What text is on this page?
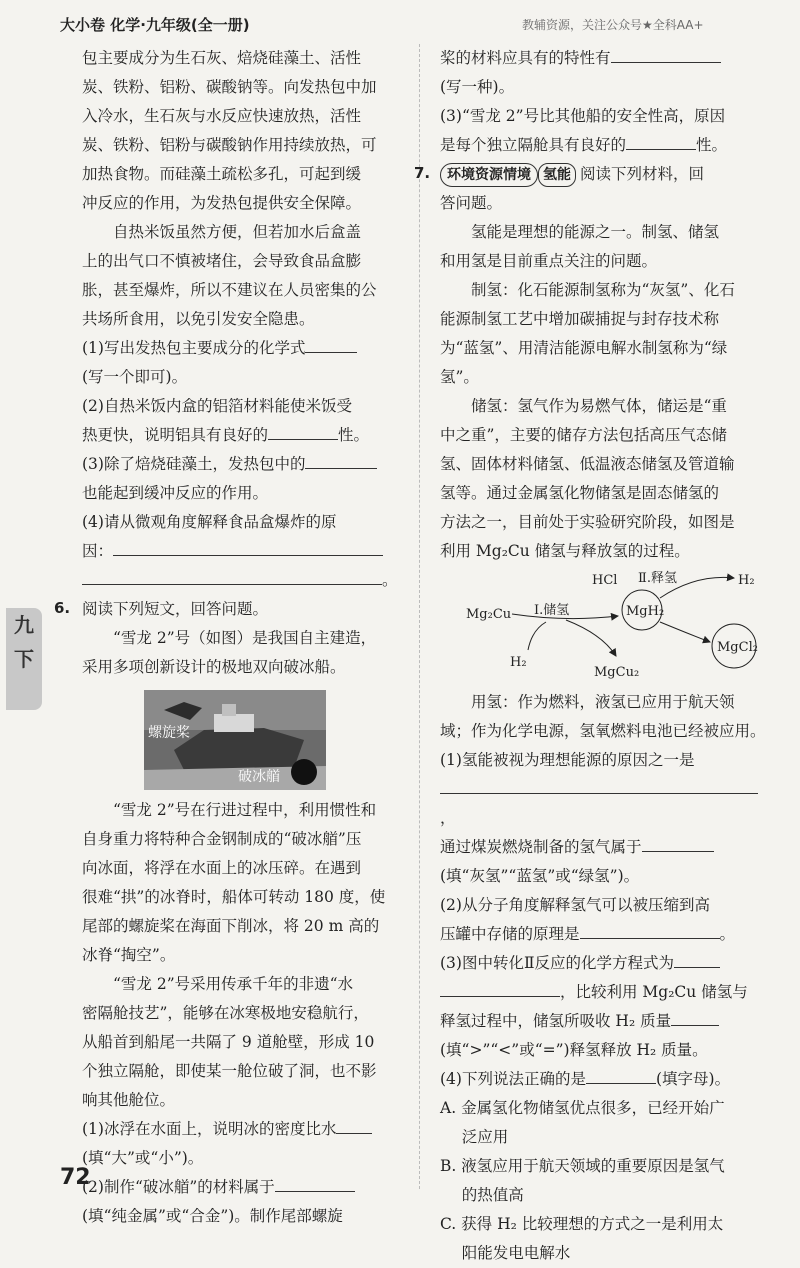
大小卷 化学·九年级(全一册)	教辅资源，关注公众号★全科AA+
九
下

包主要成分为生石灰、焙烧硅藻土、活性

炭、铁粉、铝粉、碳酸钠等。向发热包中加

入冷水，生石灰与水反应快速放热，活性

炭、铁粉、铝粉与碳酸钠作用持续放热，可

加热食物。而硅藻土疏松多孔，可起到缓

冲反应的作用，为发热包提供安全保障。

自热米饭虽然方便，但若加水后盒盖

上的出气口不慎被堵住，会导致食品盒膨

胀，甚至爆炸，所以不建议在人员密集的公

共场所食用，以免引发安全隐患。

(1)写出发热包主要成分的化学式

(写一个即可)。

(2)自热米饭内盒的铝箔材料能使米饭受

热更快，说明铝具有良好的	性。

(3)除了焙烧硅藻土，发热包中的

也能起到缓冲反应的作用。

(4)请从微观角度解释食品盒爆炸的原

因：

。

6. 阅读下列短文，回答问题。

“雪龙 2”号（如图）是我国自主建造，

采用多项创新设计的极地双向破冰船。

螺旋桨
破冰艏

“雪龙 2”号在行进过程中，利用惯性和

自身重力将特种合金钢制成的“破冰艏”压

向冰面，将浮在水面上的冰压碎。在遇到

很难“拱”的冰脊时，船体可转动 180 度，使

尾部的螺旋桨在海面下削冰，将 20 m 高的

冰脊“掏空”。

“雪龙 2”号采用传承千年的非遗“水

密隔舱技艺”，能够在冰寒极地安稳航行，

从船首到船尾一共隔了 9 道舱壁，形成 10

个独立隔舱，即使某一舱位破了洞，也不影

响其他舱位。

(1)冰浮在水面上，说明冰的密度比水

(填“大”或“小”)。

(2)制作“破冰艏”的材料属于

(填“纯金属”或“合金”)。制作尾部螺旋

桨的材料应具有的特性有

(写一种)。

(3)“雪龙 2”号比其他船的安全性高，原因

是每个独立隔舱具有良好的	性。

7.	环境资源情境 氢能 阅读下列材料，回

答问题。

氢能是理想的能源之一。制氢、储氢

和用氢是目前重点关注的问题。

制氢：化石能源制氢称为“灰氢”、化石

能源制氢工艺中增加碳捕捉与封存技术称

为“蓝氢”、用清洁能源电解水制氢称为“绿

氢”。

储氢：氢气作为易燃气体，储运是“重

中之重”，主要的储存方法包括高压气态储

氢、固体材料储氢、低温液态储氢及管道输

氢等。通过金属氢化物储氢是固态储氢的

方法之一，目前处于实验研究阶段，如图是

利用 Mg₂Cu 储氢与释放氢的过程。

Mg₂Cu Ⅰ.储氢
H₂
MgH₂
HCl Ⅱ.释氢	H₂
MgCl₂
MgCu₂

用氢：作为燃料，液氢已应用于航天领

域；作为化学电源，氢氧燃料电池已经被应用。

(1)氢能被视为理想能源的原因之一是

，

通过煤炭燃烧制备的氢气属于

(填“灰氢”“蓝氢”或“绿氢”)。

(2)从分子角度解释氢气可以被压缩到高

压罐中存储的原理是	。

(3)图中转化Ⅱ反应的化学方程式为

，比较利用 Mg₂Cu 储氢与

释氢过程中，储氢所吸收 H₂ 质量

(填“>”“<”或“=”)释氢释放 H₂ 质量。

(4)下列说法正确的是	(填字母)。

A. 金属氢化物储氢优点很多，已经开始广

泛应用

B. 液氢应用于航天领域的重要原因是氢气

的热值高

C. 获得 H₂ 比较理想的方式之一是利用太

阳能发电电解水

72
